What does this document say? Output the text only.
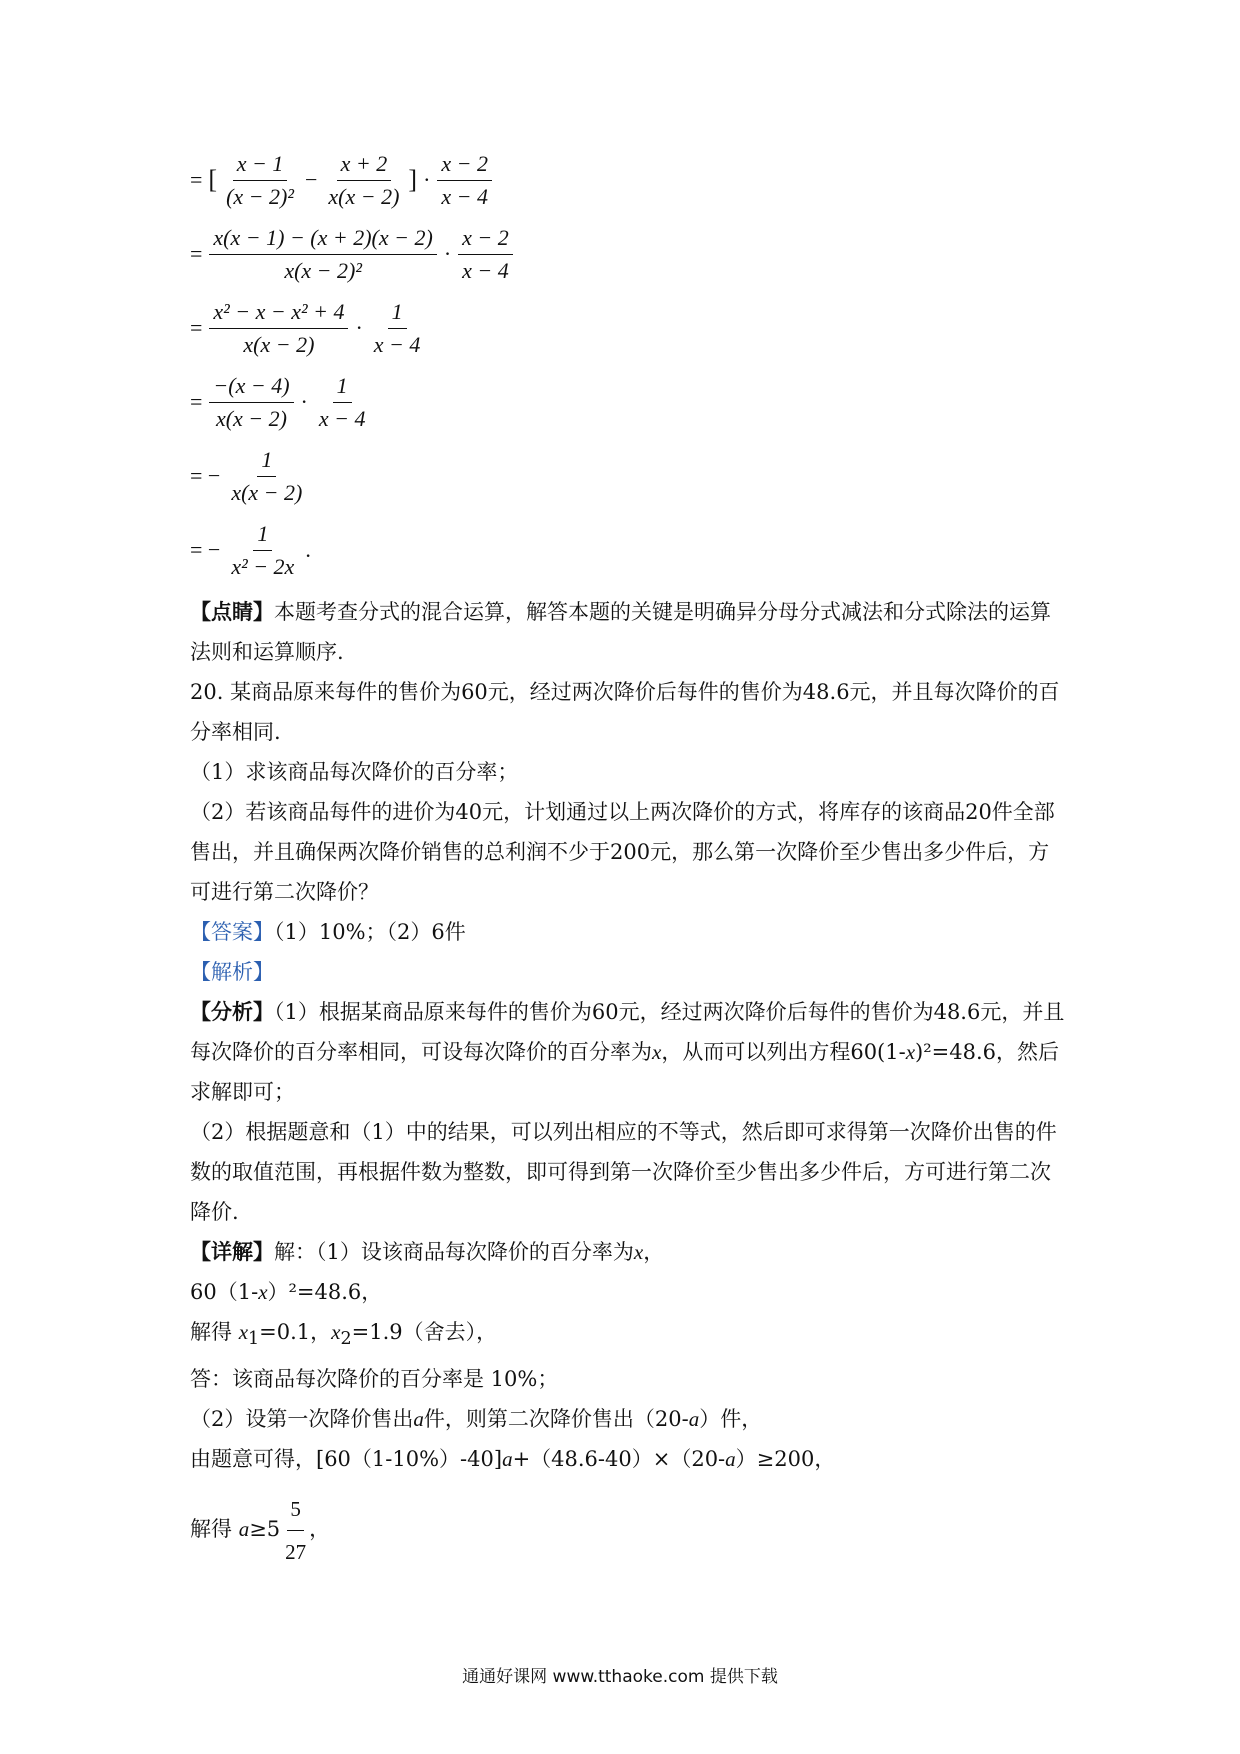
= [ $\frac{x - 1}{\text{(x − 2)²}} - \frac{x + 2}{x(x - 2)}$ ] · $\frac{x - 2}{x - 4}$
= $\frac{x(x - 1) - (x + 2)(x - 2)}{\text{x(x − 2)²}} \cdot \frac{x - 2}{x - 4}$
= $\frac{\text{x² − x − x² + 4}}{x(x - 2)} \cdot \frac{1}{x - 4}$
= $\frac{-(x - 4)}{x(x - 2)} \cdot \frac{1}{x - 4}$
= − $\frac{1}{x(x - 2)}$
= − $\frac{1}{\text{x² − 2x}}$ .

【点睛】本题考查分式的混合运算，解答本题的关键是明确异分母分式减法和分式除法的运算法则和运算顺序.

20. 某商品原来每件的售价为60元，经过两次降价后每件的售价为48.6元，并且每次降价的百分率相同.

（1）求该商品每次降价的百分率；

（2）若该商品每件的进价为40元，计划通过以上两次降价的方式，将库存的该商品20件全部售出，并且确保两次降价销售的总利润不少于200元，那么第一次降价至少售出多少件后，方可进行第二次降价？

【答案】（1）10%；（2）6件

【解析】

【分析】（1）根据某商品原来每件的售价为60元，经过两次降价后每件的售价为48.6元，并且每次降价的百分率相同，可设每次降价的百分率为x，从而可以列出方程60(1-x)²=48.6，然后求解即可；

（2）根据题意和（1）中的结果，可以列出相应的不等式，然后即可求得第一次降价出售的件数的取值范围，再根据件数为整数，即可得到第一次降价至少售出多少件后，方可进行第二次降价.

【详解】解：（1）设该商品每次降价的百分率为x，

60（1-x）²=48.6，

解得 $x_1=0.1$，$x_2=1.9$（舍去），

答：该商品每次降价的百分率是 10%；

（2）设第一次降价售出a件，则第二次降价售出（20-a）件，

由题意可得，[60（1-10%）-40]a+（48.6-40）×（20-a）≥200，

解得 $a\ge 5 \frac{5}{27}$ ，

通通好课网 www.tthaoke.com 提供下载
